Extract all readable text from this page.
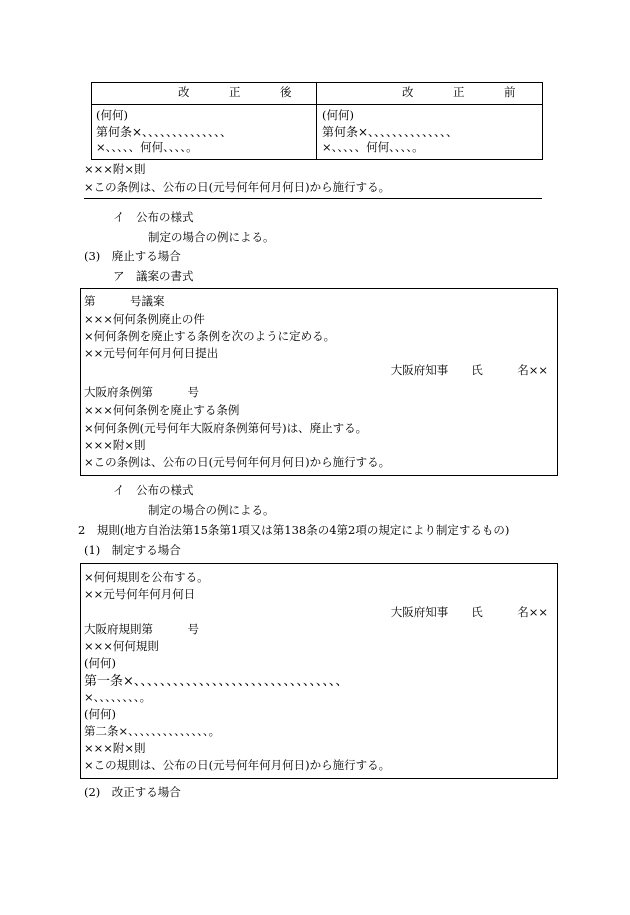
改　正　後	改　正　前
(何何)
第何条×、、、、、、、、、、、、、、
×、、、、、何何、、、、。
(何何)
第何条×、、、、、、、、、、、、、、
×、、、、、何何、、、、。
×××附×則
×この条例は、公布の日(元号何年何月何日)から施行する。
イ　公布の様式
制定の場合の例による。
(3)　廃止する場合
ア　議案の書式
第　　　号議案
×××何何条例廃止の件
×何何条例を廃止する条例を次のように定める。
××元号何年何月何日提出
大阪府知事　　氏　　　名××
大阪府条例第　　　号
×××何何条例を廃止する条例
×何何条例(元号何年大阪府条例第何号)は、廃止する。
×××附×則
×この条例は、公布の日(元号何年何月何日)から施行する。
イ　公布の様式
制定の場合の例による。
2　規則(地方自治法第15条第1項又は第138条の4第2項の規定により制定するもの)
(1)　制定する場合
×何何規則を公布する。
××元号何年何月何日
大阪府知事　　氏　　　名××
大阪府規則第　　　号
×××何何規則
(何何)
第一条×、、、、、、、、、、、、、、、、、、、、、、、、、、、、、、、、
×、、、、、、、、。
(何何)
第二条×、、、、、、、、、、、、、、。
×××附×則
×この規則は、公布の日(元号何年何月何日)から施行する。
(2)　改正する場合
